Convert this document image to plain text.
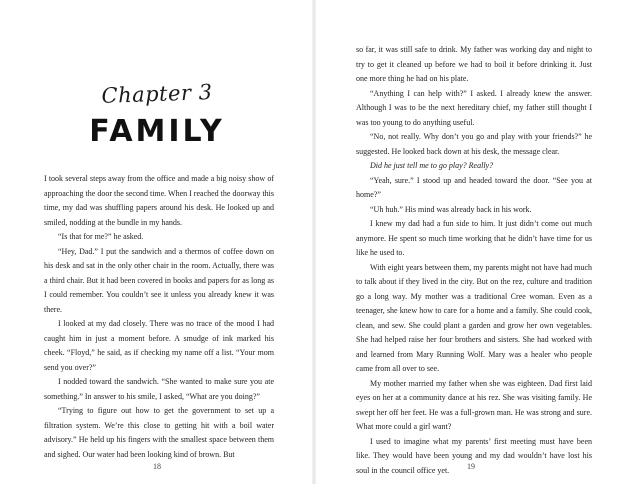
Chapter 3
FAMILY

I took several steps away from the office and made a big noisy show of approaching the door the second time. When I reached the doorway this time, my dad was shuffling papers around his desk. He looked up and smiled, nodding at the bundle in my hands.

“Is that for me?” he asked.

“Hey, Dad.” I put the sandwich and a thermos of coffee down on his desk and sat in the only other chair in the room. Actually, there was a third chair. But it had been covered in books and papers for as long as I could remember. You couldn’t see it unless you already knew it was there.

I looked at my dad closely. There was no trace of the mood I had caught him in just a moment before. A smudge of ink marked his cheek. “Floyd,” he said, as if checking my name off a list. “Your mom send you over?”

I nodded toward the sandwich. “She wanted to make sure you ate something.” In answer to his smile, I asked, “What are you doing?”

“Trying to figure out how to get the government to set up a filtration system. We’re this close to getting hit with a boil water advisory.” He held up his fingers with the smallest space between them and sighed. Our water had been looking kind of brown. But

18

so far, it was still safe to drink. My father was working day and night to try to get it cleaned up before we had to boil it before drinking it. Just one more thing he had on his plate.

“Anything I can help with?” I asked. I already knew the answer. Although I was to be the next hereditary chief, my father still thought I was too young to do anything useful.

“No, not really. Why don’t you go and play with your friends?” he suggested. He looked back down at his desk, the message clear.

Did he just tell me to go play? Really?

“Yeah, sure.” I stood up and headed toward the door. “See you at home?”

“Uh huh.” His mind was already back in his work.

I knew my dad had a fun side to him. It just didn’t come out much anymore. He spent so much time working that he didn’t have time for us like he used to.

With eight years between them, my parents might not have had much to talk about if they lived in the city. But on the rez, culture and tradition go a long way. My mother was a traditional Cree woman. Even as a teenager, she knew how to care for a home and a family. She could cook, clean, and sew. She could plant a garden and grow her own vegetables. She had helped raise her four brothers and sisters. She had worked with and learned from Mary Running Wolf. Mary was a healer who people came from all over to see.

My mother married my father when she was eighteen. Dad first laid eyes on her at a community dance at his rez. She was visiting family. He swept her off her feet. He was a full-grown man. He was strong and sure. What more could a girl want?

I used to imagine what my parents’ first meeting must have been like. They would have been young and my dad wouldn’t have lost his soul in the council office yet.	19
